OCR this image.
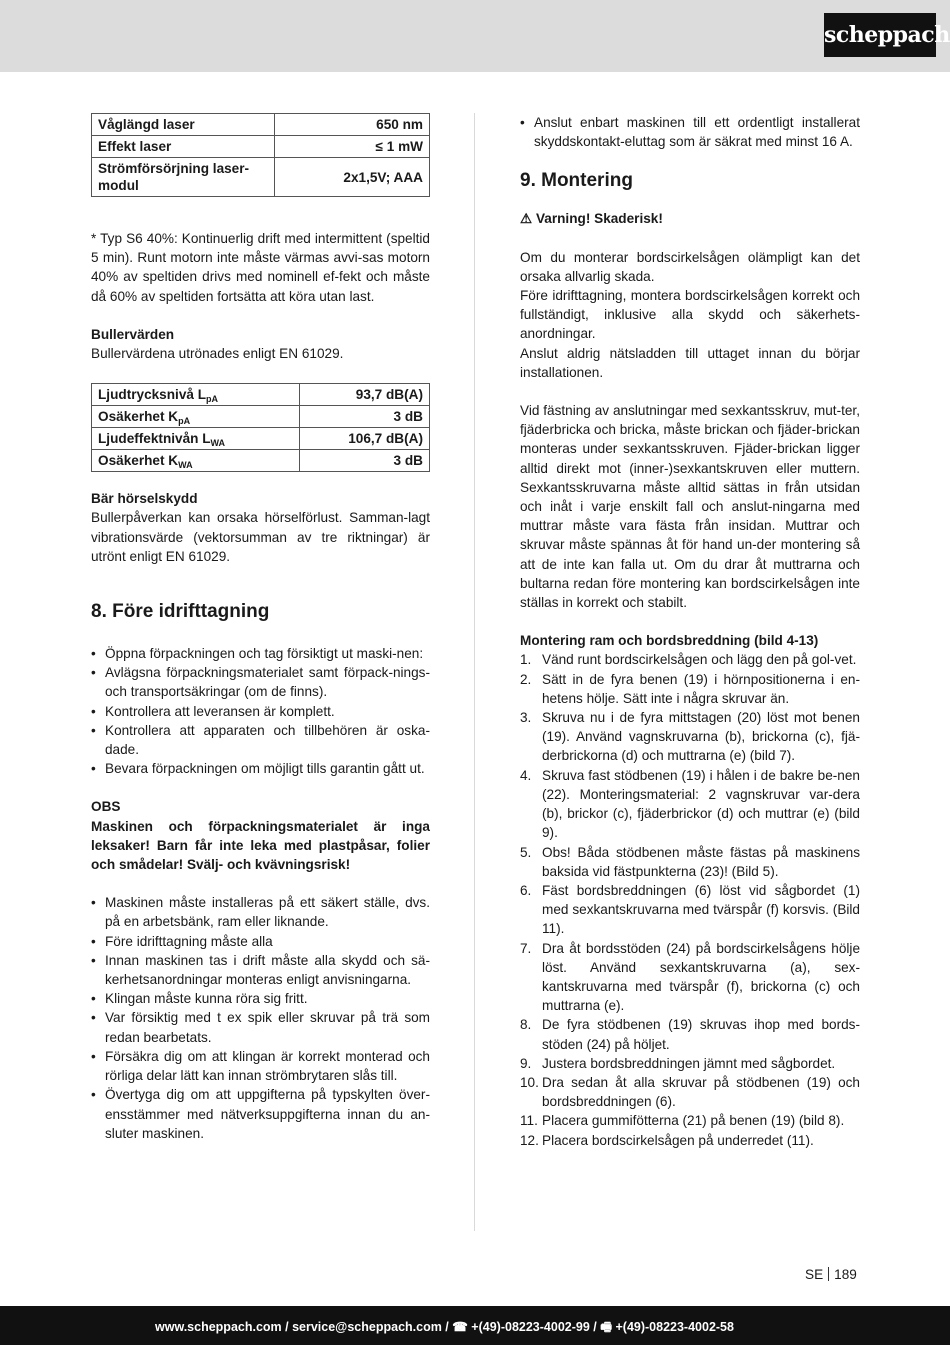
scheppach
Våglängd laser	650 nm
Effekt laser	≤ 1 mW
Strömförsörjning laser-modul	2x1,5V; AAA

* Typ S6 40%: Kontinuerlig drift med intermittent (speltid 5 min). Runt motorn inte måste värmas avvi-sas motorn 40% av speltiden drivs med nominell ef-fekt och måste då 60% av speltiden fortsätta att köra utan last.

Bullervärden

Bullervärdena utrönades enligt EN 61029.

Ljudtrycksnivå $L_{pA}$	93,7 dB(A)
Osäkerhet $K_{pA}$	3 dB
Ljudeffektnivån $L_{WA}$	106,7 dB(A)
Osäkerhet $K_{WA}$	3 dB

Bär hörselskydd

Bullerpåverkan kan orsaka hörselförlust. Samman-lagt vibrationsvärde (vektorsumman av tre riktningar) är utrönt enligt EN 61029.

8. Före idrifttagning
• Öppna förpackningen och tag försiktigt ut maski-nen:
• Avlägsna förpackningsmaterialet samt förpack-nings- och transportsäkringar (om de finns).
• Kontrollera att leveransen är komplett.
• Kontrollera att apparaten och tillbehören är oska-dade.
• Bevara förpackningen om möjligt tills garantin gått ut.

OBS

Maskinen och förpackningsmaterialet är inga leksaker! Barn får inte leka med plastpåsar, folier och smådelar! Svälj- och kvävningsrisk!

• Maskinen måste installeras på ett säkert ställe, dvs. på en arbetsbänk, ram eller liknande.
• Före idrifttagning måste alla
• Innan maskinen tas i drift måste alla skydd och sä-kerhetsanordningar monteras enligt anvisningarna.
• Klingan måste kunna röra sig fritt.
• Var försiktig med t ex spik eller skruvar på trä som redan bearbetats.
• Försäkra dig om att klingan är korrekt monterad och rörliga delar lätt kan innan strömbrytaren slås till.
• Övertyga dig om att uppgifterna på typskylten över-ensstämmer med nätverksuppgifterna innan du an-sluter maskinen.
• Anslut enbart maskinen till ett ordentligt installerat skyddskontakt-eluttag som är säkrat med minst 16 A.
9. Montering

⚠ Varning! Skaderisk!

Om du monterar bordscirkelsågen olämpligt kan det orsaka allvarlig skada.

Före idrifttagning, montera bordscirkelsågen korrekt och fullständigt, inklusive alla skydd och säkerhets-anordningar.

Anslut aldrig nätsladden till uttaget innan du börjar installationen.

Vid fästning av anslutningar med sexkantsskruv, mut-ter, fjäderbricka och bricka, måste brickan och fjäder-brickan monteras under sexkantsskruven. Fjäder-brickan ligger alltid direkt mot (inner-)sexkantskruven eller muttern. Sexkantsskruvarna måste alltid sättas in från utsidan och inåt i varje enskilt fall och anslut-ningarna med muttrar måste vara fästa från insidan. Muttrar och skruvar måste spännas åt för hand un-der montering så att de inte kan falla ut. Om du drar åt muttrarna och bultarna redan före montering kan bordscirkelsågen inte ställas in korrekt och stabilt.

Montering ram och bordsbreddning (bild 4-13)

1. Vänd runt bordscirkelsågen och lägg den på gol-vet.
2. Sätt in de fyra benen (19) i hörnpositionerna i en-hetens hölje. Sätt inte i några skruvar än.
3. Skruva nu i de fyra mittstagen (20) löst mot benen (19). Använd vagnskruvarna (b), brickorna (c), fjä-derbrickorna (d) och muttrarna (e) (bild 7).
4. Skruva fast stödbenen (19) i hålen i de bakre be-nen (22). Monteringsmaterial: 2 vagnskruvar var-dera (b), brickor (c), fjäderbrickor (d) och muttrar (e) (bild 9).
5. Obs! Båda stödbenen måste fästas på maskinens baksida vid fästpunkterna (23)! (Bild 5).
6. Fäst bordsbreddningen (6) löst vid sågbordet (1) med sexkantskruvarna med tvärspår (f) korsvis. (Bild 11).
7. Dra åt bordsstöden (24) på bordscirkelsågens hölje löst. Använd sexkantskruvarna (a), sex-kantskruvarna med tvärspår (f), brickorna (c) och muttrarna (e).
8. De fyra stödbenen (19) skruvas ihop med bords-stöden (24) på höljet.
9. Justera bordsbreddningen jämnt med sågbordet.
10. Dra sedan åt alla skruvar på stödbenen (19) och bordsbreddningen (6).
11. Placera gummifötterna (21) på benen (19) (bild 8).
12. Placera bordscirkelsågen på underredet (11).
SE 189
www.scheppach.com / service@scheppach.com / ☎ +(49)-08223-4002-99 / 🖷 +(49)-08223-4002-58
